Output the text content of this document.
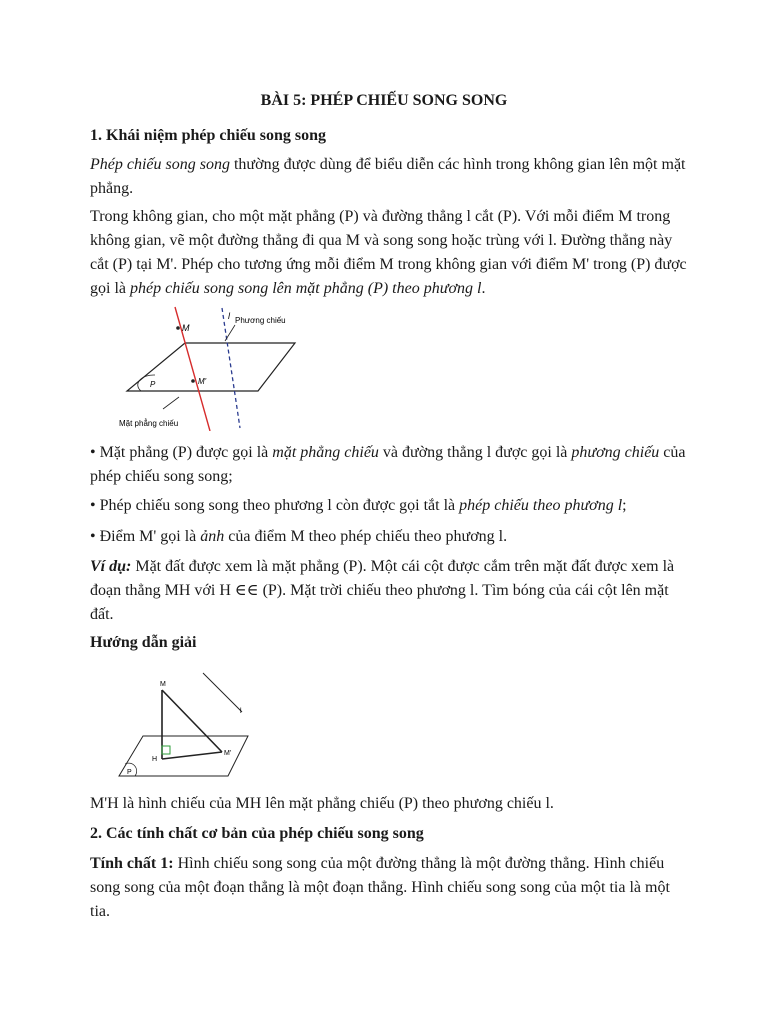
BÀI 5: PHÉP CHIẾU SONG SONG
1. Khái niệm phép chiếu song song
Phép chiếu song song thường được dùng để biểu diễn các hình trong không gian lên một mặt phẳng.
Trong không gian, cho một mặt phẳng (P) và đường thẳng l cắt (P). Với mỗi điểm M trong không gian, vẽ một đường thẳng đi qua M và song song hoặc trùng với l. Đường thẳng này cắt (P) tại M'. Phép cho tương ứng mỗi điểm M trong không gian với điểm M' trong (P) được gọi là phép chiếu song song lên mặt phẳng (P) theo phương l.
M
M'
l
P
Phương chiếu
Mặt phẳng chiếu
• Mặt phẳng (P) được gọi là mặt phẳng chiếu và đường thẳng l được gọi là phương chiếu của phép chiếu song song;
• Phép chiếu song song theo phương l còn được gọi tắt là phép chiếu theo phương l;
• Điểm M' gọi là ảnh của điểm M theo phép chiếu theo phương l.
Ví dụ: Mặt đất được xem là mặt phẳng (P). Một cái cột được cắm trên mặt đất được xem là đoạn thẳng MH với H ∈∈ (P). Mặt trời chiếu theo phương l. Tìm bóng của cái cột lên mặt đất.
Hướng dẫn giải
M
H
M'
l
P
M'H là hình chiếu của MH lên mặt phẳng chiếu (P) theo phương chiếu l.
2. Các tính chất cơ bản của phép chiếu song song
Tính chất 1: Hình chiếu song song của một đường thẳng là một đường thẳng. Hình chiếu song song của một đoạn thẳng là một đoạn thẳng. Hình chiếu song song của một tia là một tia.
